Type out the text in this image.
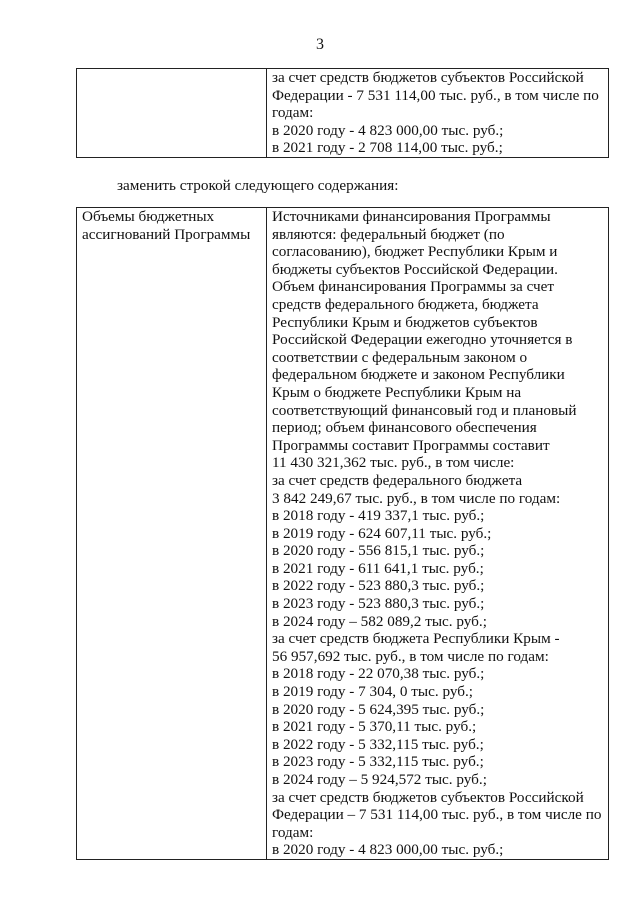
3

за счет средств бюджетов субъектов Российской
Федерации - 7 531 114,00 тыс. руб., в том числе по
годам:
в 2020 году - 4 823 000,00 тыс. руб.;
в 2021 году - 2 708 114,00 тыс. руб.;
заменить строкой следующего содержания:
Объемы бюджетных
ассигнований Программы

Источниками финансирования Программы
являются: федеральный бюджет (по
согласованию), бюджет Республики Крым и
бюджеты субъектов Российской Федерации.
Объем финансирования Программы за счет
средств федерального бюджета, бюджета
Республики Крым и бюджетов субъектов
Российской Федерации ежегодно уточняется в
соответствии с федеральным законом о
федеральном бюджете и законом Республики
Крым о бюджете Республики Крым на
соответствующий финансовый год и плановый
период; объем финансового обеспечения
Программы составит Программы составит
11 430 321,362 тыс. руб., в том числе:
за счет средств федерального бюджета
3 842 249,67 тыс. руб., в том числе по годам:
в 2018 году - 419 337,1 тыс. руб.;
в 2019 году - 624 607,11 тыс. руб.;
в 2020 году - 556 815,1 тыс. руб.;
в 2021 году - 611 641,1 тыс. руб.;
в 2022 году - 523 880,3 тыс. руб.;
в 2023 году - 523 880,3 тыс. руб.;
в 2024 году – 582 089,2 тыс. руб.;
за счет средств бюджета Республики Крым -
56 957,692 тыс. руб., в том числе по годам:
в 2018 году - 22 070,38 тыс. руб.;
в 2019 году - 7 304, 0 тыс. руб.;
в 2020 году - 5 624,395 тыс. руб.;
в 2021 году - 5 370,11 тыс. руб.;
в 2022 году - 5 332,115 тыс. руб.;
в 2023 году - 5 332,115 тыс. руб.;
в 2024 году – 5 924,572 тыс. руб.;
за счет средств бюджетов субъектов Российской
Федерации – 7 531 114,00 тыс. руб., в том числе по
годам:
в 2020 году - 4 823 000,00 тыс. руб.;
